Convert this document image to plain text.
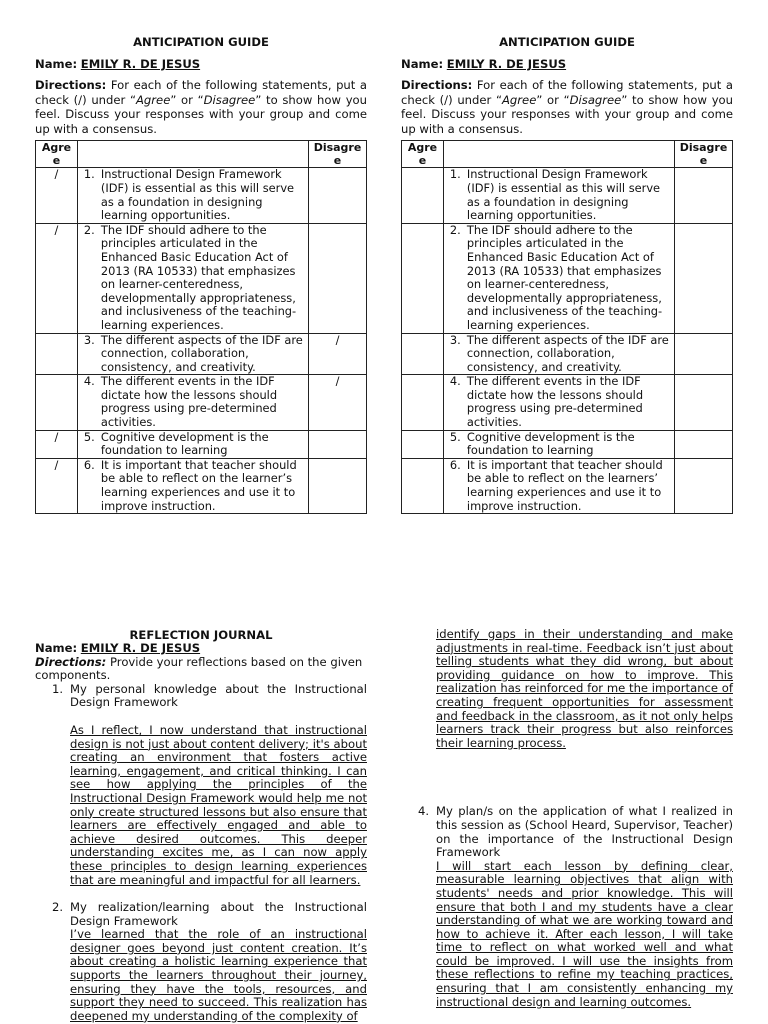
ANTICIPATION GUIDE
Name: EMILY R. DE JESUS
Directions: For each of the following statements, put a check (/) under “Agree” or “Disagree” to show how you feel. Discuss your responses with your group and come up with a consensus.
Agree		Disagree

/	1. Instructional Design Framework (IDF) is essential as this will serve as a foundation in designing learning opportunities.	

/	2. The IDF should adhere to the principles articulated in the Enhanced Basic Education Act of 2013 (RA 10533) that emphasizes on learner-centeredness, developmentally appropriateness, and inclusiveness of the teaching-learning experiences.	

	3. The different aspects of the IDF are connection, collaboration, consistency, and creativity.	/

	4. The different events in the IDF dictate how the lessons should progress using pre-determined activities.	/

/	5. Cognitive development is the foundation to learning	

/	6. It is important that teacher should be able to reflect on the learner’s learning experiences and use it to improve instruction.	

ANTICIPATION GUIDE
Name: EMILY R. DE JESUS
Directions: For each of the following statements, put a check (/) under “Agree” or “Disagree” to show how you feel. Discuss your responses with your group and come up with a consensus.
Agree		Disagree

	1. Instructional Design Framework (IDF) is essential as this will serve as a foundation in designing learning opportunities.	

	2. The IDF should adhere to the principles articulated in the Enhanced Basic Education Act of 2013 (RA 10533) that emphasizes on learner-centeredness, developmentally appropriateness, and inclusiveness of the teaching-learning experiences.	

	3. The different aspects of the IDF are connection, collaboration, consistency, and creativity.	

	4. The different events in the IDF dictate how the lessons should progress using pre-determined activities.	

	5. Cognitive development is the foundation to learning	

	6. It is important that teacher should be able to reflect on the learners’ learning experiences and use it to improve instruction.	

REFLECTION JOURNAL
Name: EMILY R. DE JESUS
Directions: Provide your reflections based on the given components.
1. My personal knowledge about the Instructional Design Framework
As I reflect, I now understand that instructional design is not just about content delivery; it's about creating an environment that fosters active learning, engagement, and critical thinking. I can see how applying the principles of the Instructional Design Framework would help me not only create structured lessons but also ensure that learners are effectively engaged and able to achieve desired outcomes. This deeper understanding excites me, as I can now apply these principles to design learning experiences that are meaningful and impactful for all learners.
2. My realization/learning about the Instructional Design Framework
I’ve learned that the role of an instructional designer goes beyond just content creation. It’s about creating a holistic learning experience that supports the learners throughout their journey, ensuring they have the tools, resources, and support they need to succeed. This realization has deepened my understanding of the complexity of
identify gaps in their understanding and make adjustments in real-time. Feedback isn’t just about telling students what they did wrong, but about providing guidance on how to improve. This realization has reinforced for me the importance of creating frequent opportunities for assessment and feedback in the classroom, as it not only helps learners track their progress but also reinforces their learning process.
4. My plan/s on the application of what I realized in this session as (School Heard, Supervisor, Teacher) on the importance of the Instructional Design Framework
I will start each lesson by defining clear, measurable learning objectives that align with students' needs and prior knowledge. This will ensure that both I and my students have a clear understanding of what we are working toward and how to achieve it. After each lesson, I will take time to reflect on what worked well and what could be improved. I will use the insights from these reflections to refine my teaching practices, ensuring that I am consistently enhancing my instructional design and learning outcomes.
